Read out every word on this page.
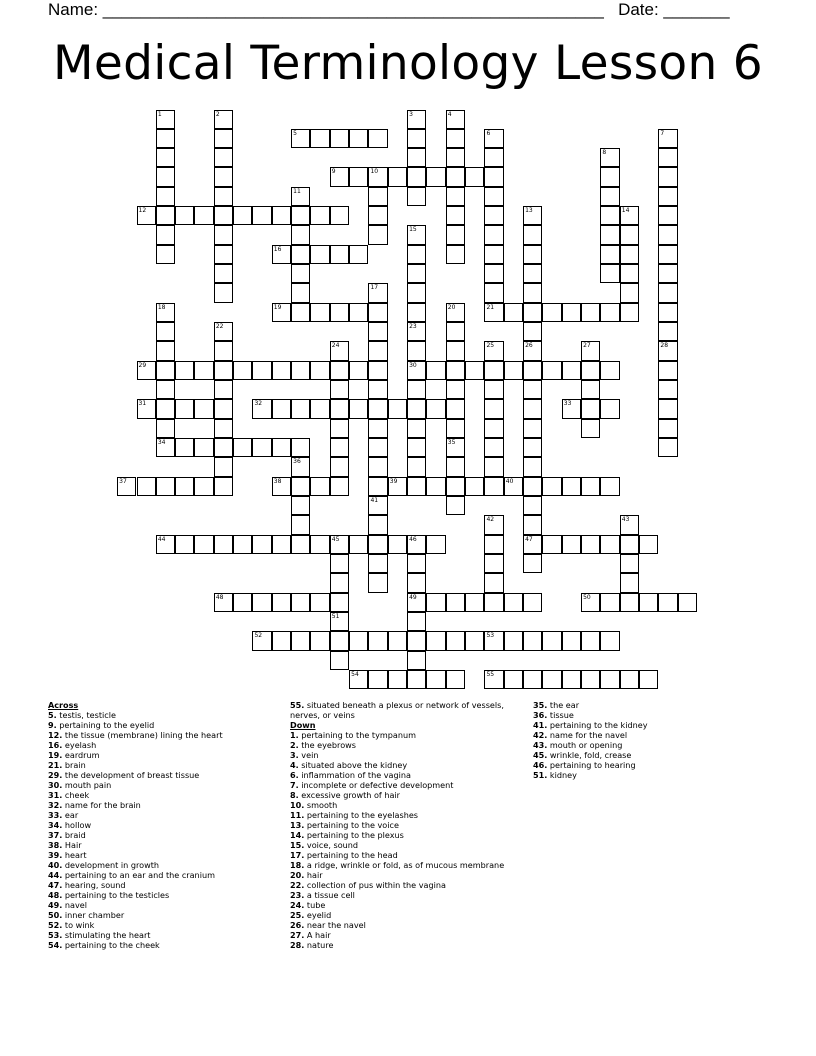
Name: _____________________________________________________ Date: _______
Medical Terminology Lesson 6
1	2	3	4
5	6	7
8
9	10
11
12	13	14
15
16
17
18	19	20	21
22	23
24	25	26	27	28
29	30
31	32	33
34	35
36
37	38	39	40
41
42	43
44	45	46	47
48	49	50
51
52	53
54	55
Across
5. testis, testicle
9. pertaining to the eyelid
12. the tissue (membrane) lining the heart
16. eyelash
19. eardrum
21. brain
29. the development of breast tissue
30. mouth pain
31. cheek
32. name for the brain
33. ear
34. hollow
37. braid
38. Hair
39. heart
40. development in growth
44. pertaining to an ear and the cranium
47. hearing, sound
48. pertaining to the testicles
49. navel
50. inner chamber
52. to wink
53. stimulating the heart
54. pertaining to the cheek
55. situated beneath a plexus or network of vessels, nerves, or veins
Down
1. pertaining to the tympanum
2. the eyebrows
3. vein
4. situated above the kidney
6. inflammation of the vagina
7. incomplete or defective development
8. excessive growth of hair
10. smooth
11. pertaining to the eyelashes
13. pertaining to the voice
14. pertaining to the plexus
15. voice, sound
17. pertaining to the head
18. a ridge, wrinkle or fold, as of mucous membrane
20. hair
22. collection of pus within the vagina
23. a tissue cell
24. tube
25. eyelid
26. near the navel
27. A hair
28. nature
35. the ear
36. tissue
41. pertaining to the kidney
42. name for the navel
43. mouth or opening
45. wrinkle, fold, crease
46. pertaining to hearing
51. kidney
